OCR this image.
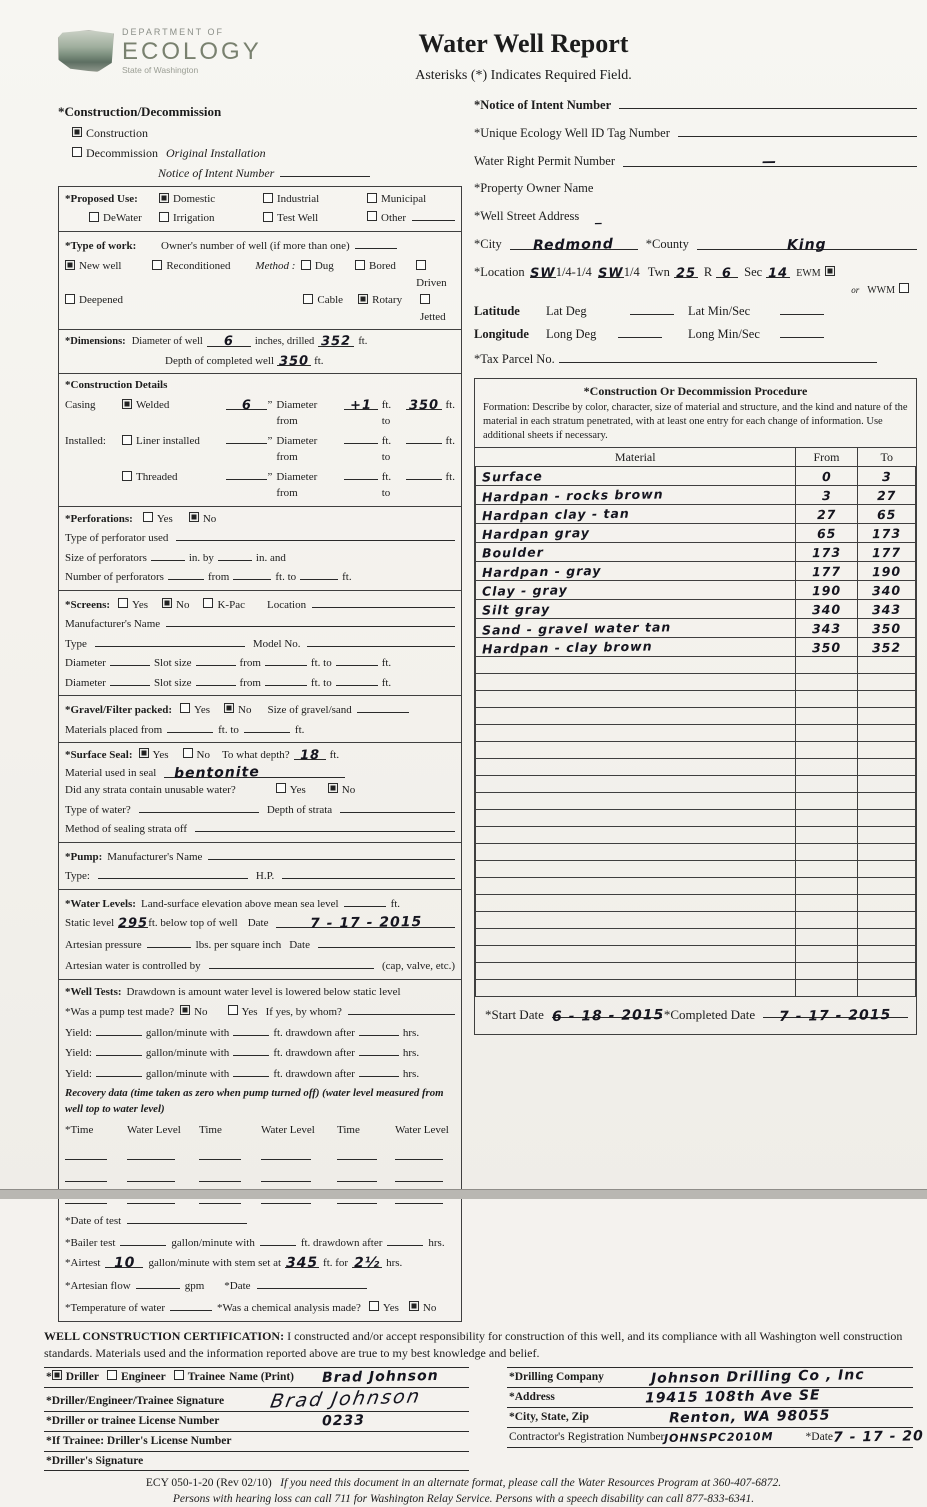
DEPARTMENT OF
ECOLOGY
State of Washington
Water Well Report
Asterisks (*) Indicates Required Field.
*Construction/Decommission
Construction
Decommission Original Installation
Notice of Intent Number
*Proposed Use:	Domestic	Industrial	Municipal
DeWater	Irrigation	Test Well	Other
*Type of work:	Owner's number of well (if more than one)
New well	Reconditioned	Method :	Dug	Bored
Driven
Deepened	Cable	Rotary
Jetted
*Dimensions: Diameter of well	6	inches, drilled 352 ft.
Depth of completed well 350 ft.
*Construction Details
Casing	Welded	6	” Diameter from
+1 ft. to
350 ft.
Installed:	Liner installed	” Diameter from
ft. to
ft.
Threaded	” Diameter from
ft. to
ft.
*Perforations: Yes	No
Type of perforator used
Size of perforators	in. by	in. and
Number of perforators	from	ft. to	ft.
*Screens: Yes	No	K-Pac Location
Manufacturer's Name
Type	Model No.
Diameter	Slot size	from	ft. to	ft.
Diameter	Slot size	from	ft. to	ft.
*Gravel/Filter packed: Yes	No Size of gravel/sand
Materials placed from	ft. to	ft.
*Surface Seal: Yes	No To what depth? 18 ft.
Material used in seal	bentonite
Did any strata contain unusable water?	Yes	No
Type of water?	Depth of strata
Method of sealing strata off
*Pump: Manufacturer's Name
Type:	H.P.
*Water Levels: Land-surface elevation above mean sea level	ft.
Static level 295 ft. below top of well Date	7 - 17 - 2015
Artesian pressure	lbs. per square inch Date
Artesian water is controlled by	(cap, valve, etc.)
*Well Tests: Drawdown is amount water level is lowered below static level
*Was a pump test made? No	Yes If yes, by whom?
Yield:	gallon/minute with	ft. drawdown after	hrs.
Yield:	gallon/minute with	ft. drawdown after	hrs.
Yield:	gallon/minute with	ft. drawdown after	hrs.
Recovery data (time taken as zero when pump turned off) (water level measured from
well top to water level)
*Time	Water Level	Time	Water Level	Time	Water Level
*Date of test
*Bailer test	gallon/minute with	ft. drawdown after	hrs.
*Airtest 10	gallon/minute with stem set at 345 ft. for 2½ hrs.
*Artesian flow	gpm *Date
*Temperature of water	*Was a chemical analysis made? Yes No
*Notice of Intent Number
*Unique Ecology Well ID Tag Number
Water Right Permit Number	—
*Property Owner Name
*Well Street Address _
*City	Redmond	*County	King
*Location SW 1/4-1/4 SW 1/4 Twn 25 R 6 Sec 14 EWM
or WWM
Latitude	Lat Deg	Lat Min/Sec
Longitude	Long Deg	Long Min/Sec
*Tax Parcel No.
*Construction Or Decommission Procedure
Formation: Describe by color, character, size of material and structure, and the kind and nature of the material in each stratum penetrated, with at least one entry for each change of information. Use additional sheets if necessary.
Material	From	To
Surface	0	3
Hardpan - rocks brown	3	27
Hardpan clay - tan	27	65
Hardpan gray	65	173
Boulder	173	177
Hardpan - gray	177	190
Clay - gray	190	340
Silt gray	340	343
Sand - gravel water tan	343	350
Hardpan - clay brown	350	352

*Start Date 6 - 18 - 2015 *Completed Date	7 - 17 - 2015
WELL CONSTRUCTION CERTIFICATION: I constructed and/or accept responsibility for construction of this well, and its compliance with all Washington well construction standards. Materials used and the information reported above are true to my best knowledge and belief.
* Driller Engineer Trainee Name (Print)	Brad Johnson
*Driller/Engineer/Trainee Signature	Brad Johnson
*Driller or trainee License Number	0233
*If Trainee: Driller's License Number
*Driller's Signature
*Drilling Company	Johnson Drilling Co , Inc
*Address	19415 108th Ave SE
*City, State, Zip	Renton, WA 98055
Contractor's Registration Number JOHNSPC2010M	*Date 7 - 17 - 20
ECY 050-1-20 (Rev 02/10) If you need this document in an alternate format, please call the Water Resources Program at 360-407-6872.
Persons with hearing loss can call 711 for Washington Relay Service. Persons with a speech disability can call 877-833-6341.
